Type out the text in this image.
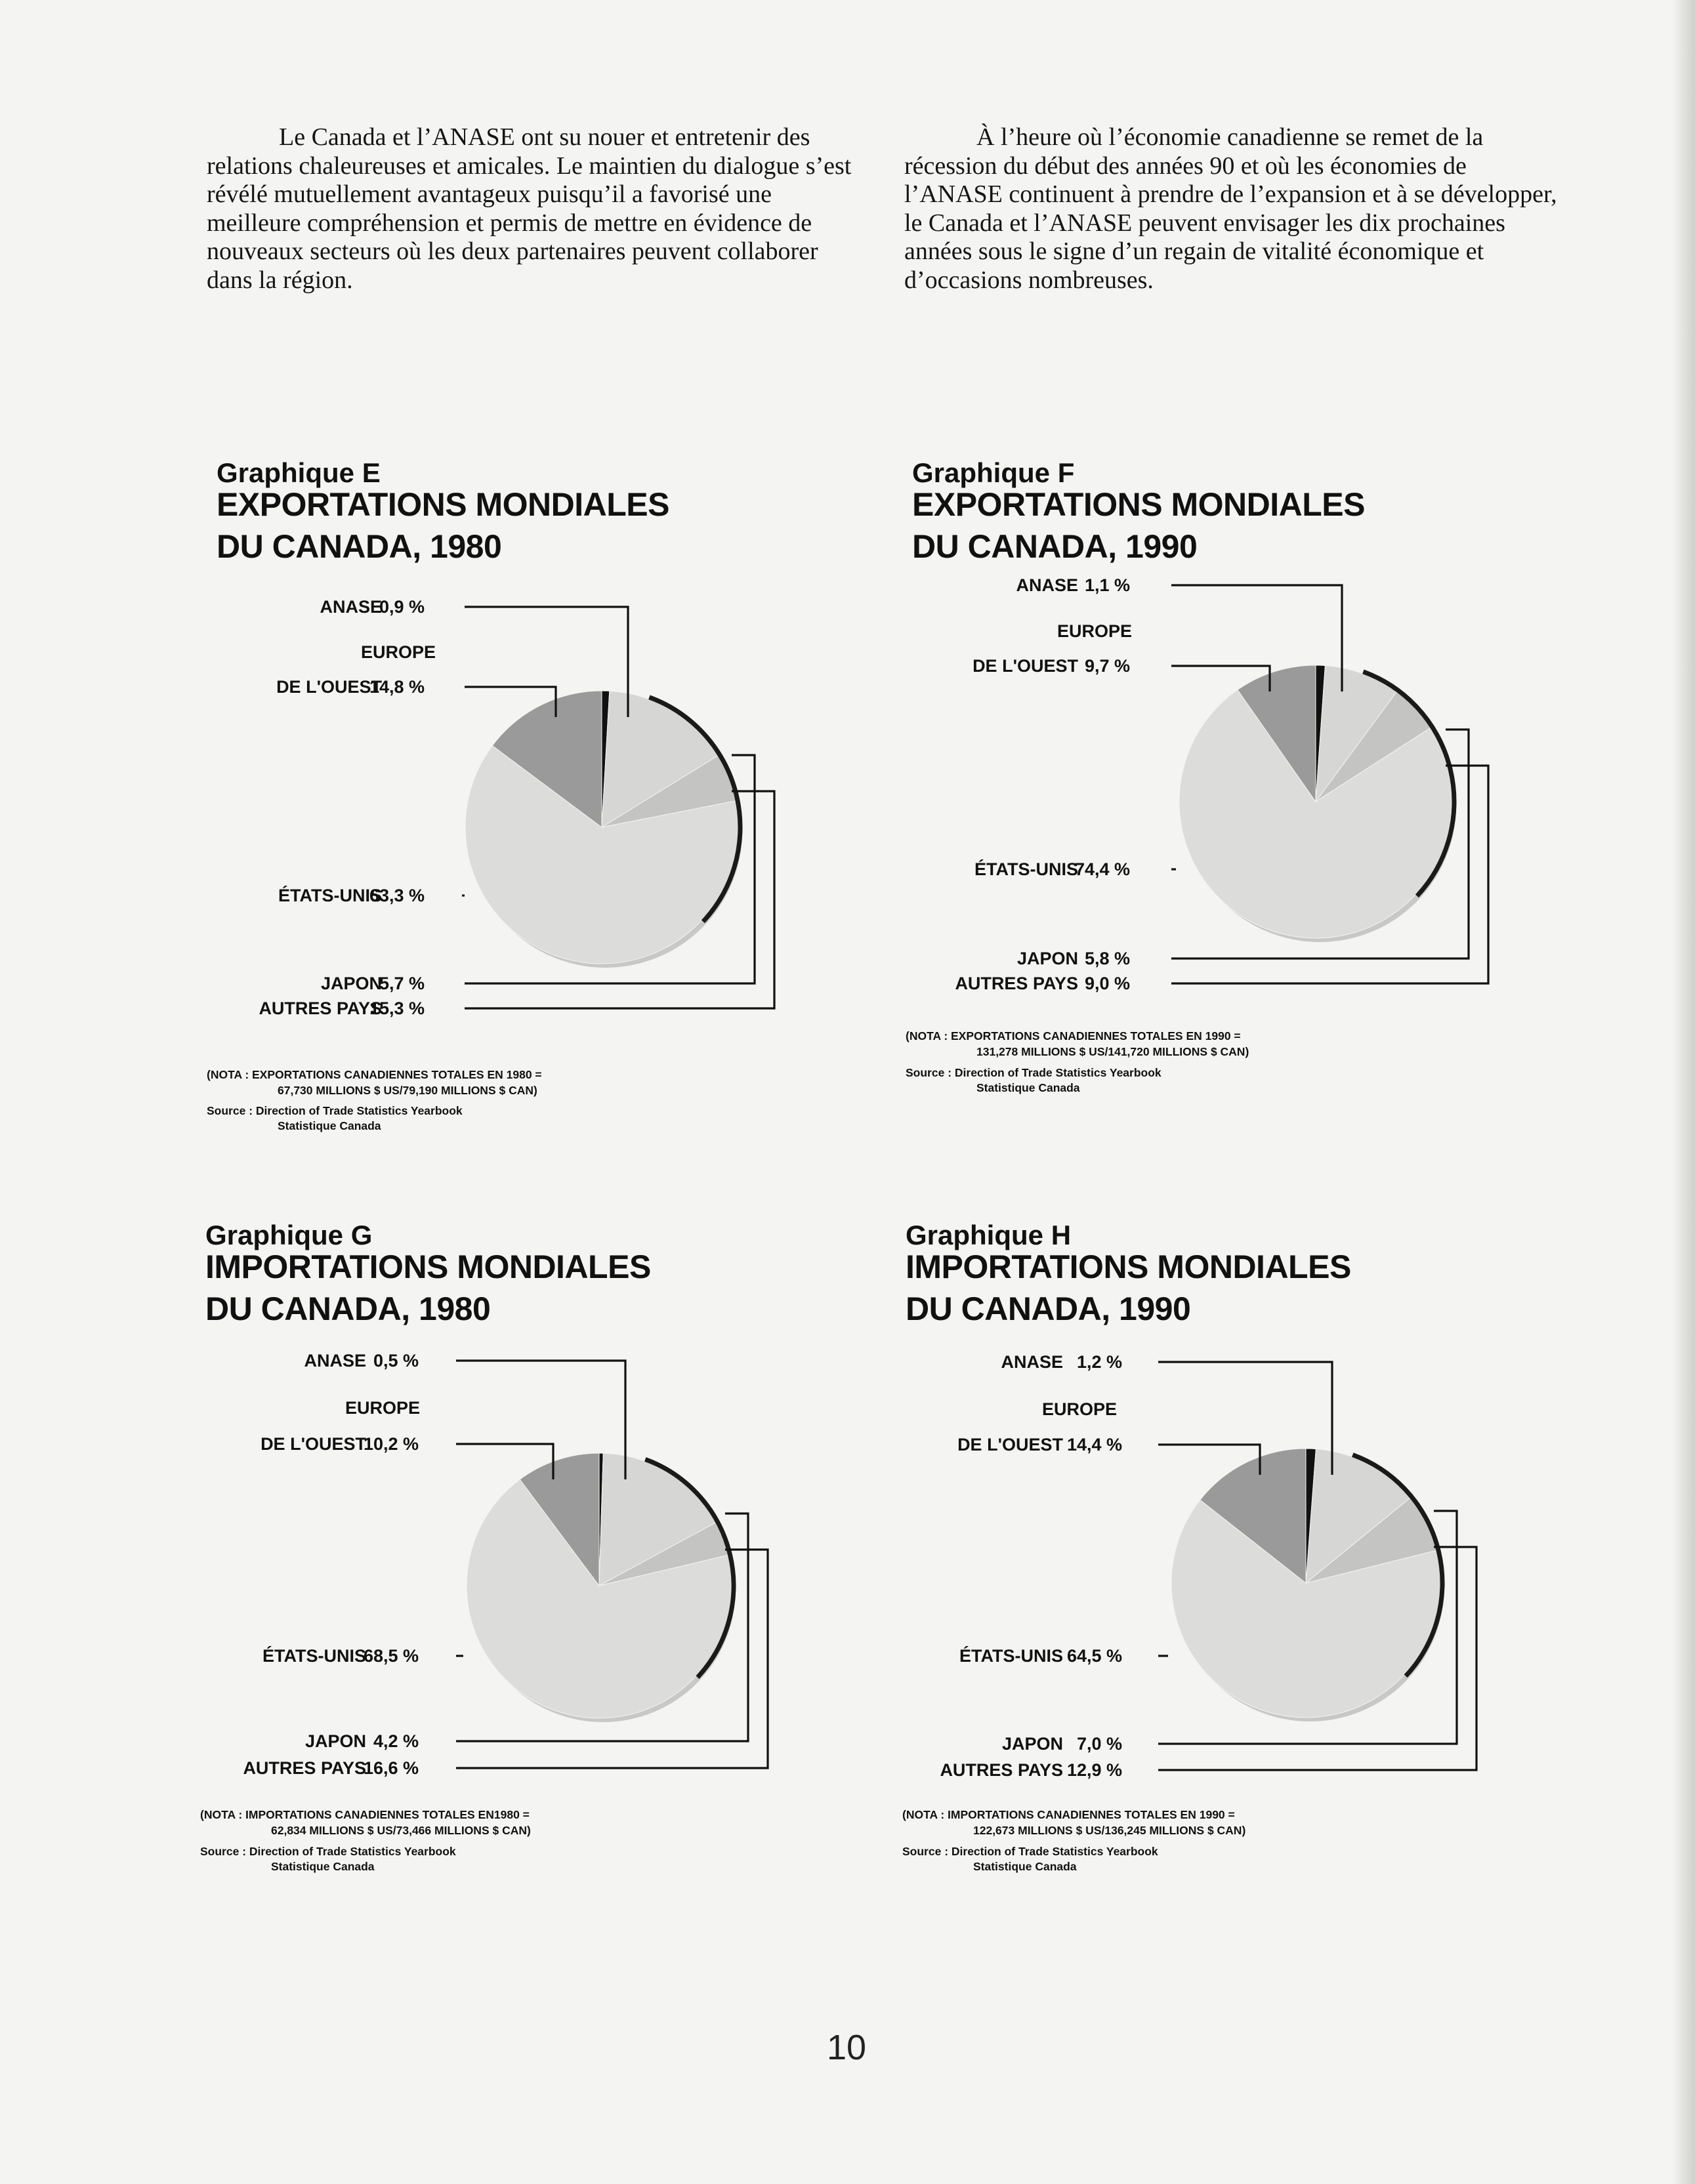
Le Canada et l’ANASE ont su nouer et entretenir des relations chaleureuses et amicales. Le maintien du dialogue s’est révélé mutuellement avantageux puisqu’il a favorisé une meilleure compréhension et permis de mettre en évidence de nouveaux secteurs où les deux partenaires peuvent collaborer dans la région.

À l’heure où l’économie canadienne se remet de la récession du début des années 90 et où les économies de l’ANASE continuent à prendre de l’expansion et à se développer, le Canada et l’ANASE peuvent envisager les dix prochaines années sous le signe d’un regain de vitalité économique et d’occasions nombreuses.

Graphique E
EXPORTATIONS MONDIALES
DU CANADA, 1980
ANASE
0,9 %
EUROPE
DE L'OUEST
14,8 %
ÉTATS-UNIS
63,3 %
JAPON
5,7 %
AUTRES PAYS
15,3 %
(NOTA : EXPORTATIONS CANADIENNES TOTALES EN 1980 =
67,730 MILLIONS $ US/79,190 MILLIONS $ CAN)
Source : Direction of Trade Statistics Yearbook
Statistique Canada
Graphique F
EXPORTATIONS MONDIALES
DU CANADA, 1990
ANASE 1,1 %
EUROPE
DE L'OUEST 9,7 %
ÉTATS-UNIS
74,4 %
JAPON 5,8 %
AUTRES PAYS 9,0 %
(NOTA : EXPORTATIONS CANADIENNES TOTALES EN 1990 =
131,278 MILLIONS $ US/141,720 MILLIONS $ CAN)
Source : Direction of Trade Statistics Yearbook
Statistique Canada
Graphique G
IMPORTATIONS MONDIALES
DU CANADA, 1980
ANASE 0,5 %
EUROPE
DE L'OUEST
10,2 %
ÉTATS-UNIS
68,5 %
JAPON 4,2 %
AUTRES PAYS
16,6 %
(NOTA : IMPORTATIONS CANADIENNES TOTALES EN1980 =
62,834 MILLIONS $ US/73,466 MILLIONS $ CAN)
Source : Direction of Trade Statistics Yearbook
Statistique Canada
Graphique H
IMPORTATIONS MONDIALES
DU CANADA, 1990
ANASE 1,2 %
EUROPE
DE L'OUEST 14,4 %
ÉTATS-UNIS 64,5 %
JAPON 7,0 %
AUTRES PAYS 12,9 %
(NOTA : IMPORTATIONS CANADIENNES TOTALES EN 1990 =
122,673 MILLIONS $ US/136,245 MILLIONS $ CAN)
Source : Direction of Trade Statistics Yearbook
Statistique Canada
10
